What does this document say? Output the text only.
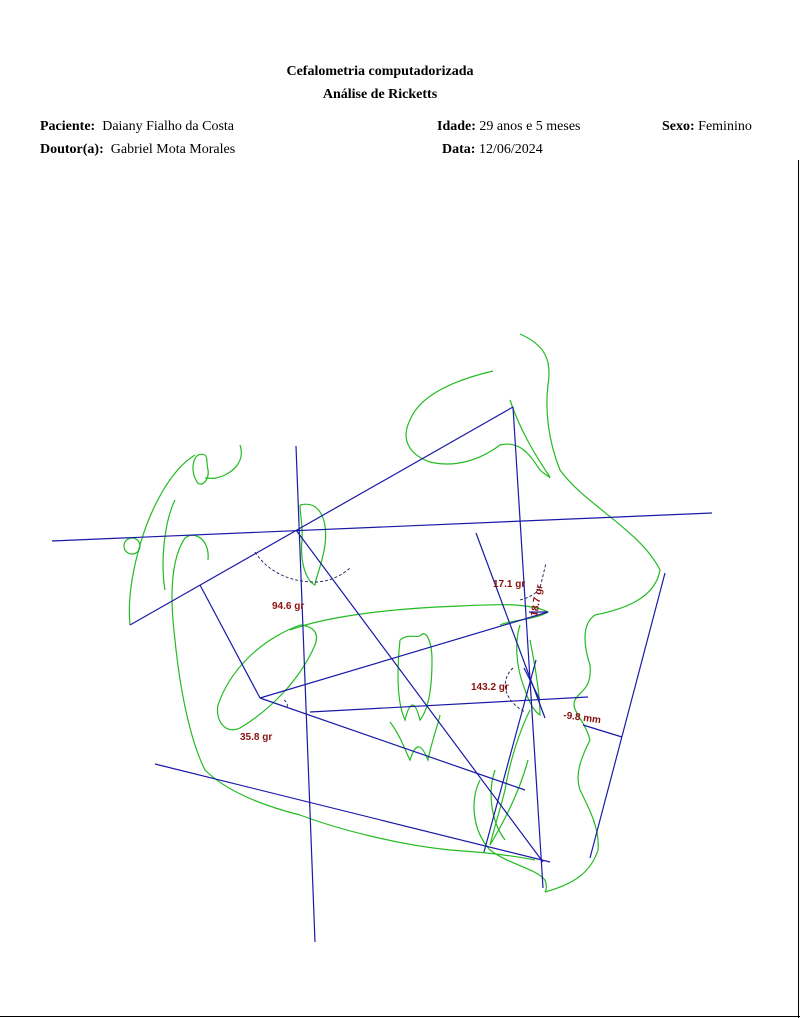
Cefalometria computadorizada
Análise de Ricketts
Paciente: Daiany Fialho da Costa	Idade: 29 anos e 5 meses	Sexo: Feminino
Doutor(a): Gabriel Mota Morales	Data: 12/06/2024
94.6 gr
35.8 gr
17.1 gr 18.7 gr
143.2 gr
-9.8 mm
